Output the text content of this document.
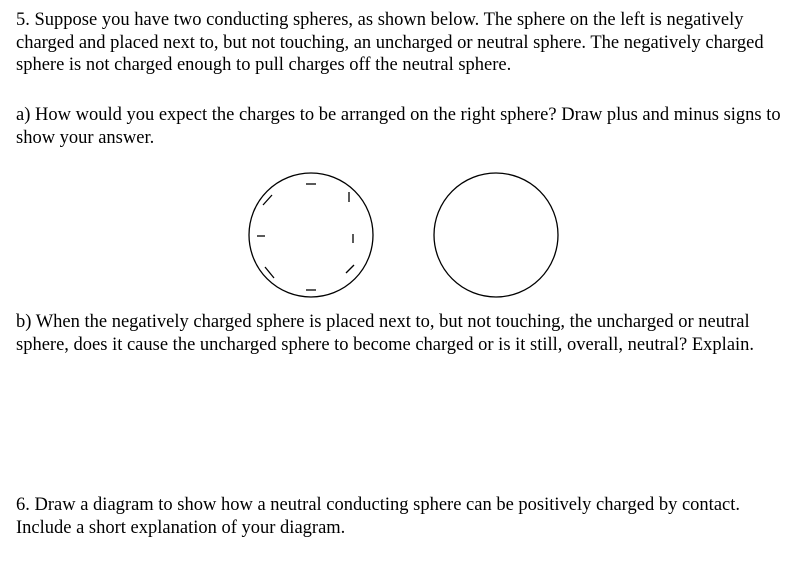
5. Suppose you have two conducting spheres, as shown below. The sphere on the left is negatively charged and placed next to, but not touching, an uncharged or neutral sphere. The negatively charged sphere is not charged enough to pull charges off the neutral sphere.

a) How would you expect the charges to be arranged on the right sphere? Draw plus and minus signs to show your answer.

b) When the negatively charged sphere is placed next to, but not touching, the uncharged or neutral sphere, does it cause the uncharged sphere to become charged or is it still, overall, neutral? Explain.

6. Draw a diagram to show how a neutral conducting sphere can be positively charged by contact. Include a short explanation of your diagram.
